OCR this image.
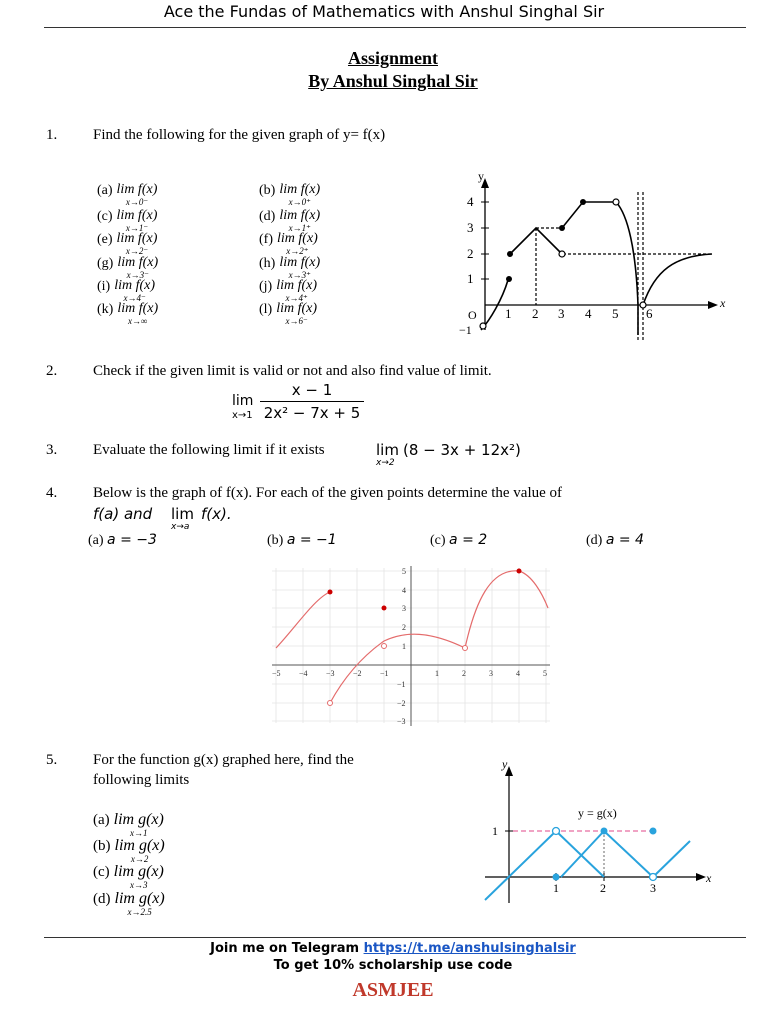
Ace the Fundas of Mathematics with Anshul Singhal Sir
Assignment
By Anshul Singhal Sir
1. Find the following for the given graph of y= f(x)
(a) lim f(x)
x→0⁻
(b) lim f(x)
x→0⁺
(c) lim f(x)
x→1⁻
(d) lim f(x)
x→1⁺
(e) lim f(x)
x→2⁻
(f) lim f(x)
x→2⁺
(g) lim f(x)
x→3⁻
(h) lim f(x)
x→3⁺
(i) lim f(x)
x→4⁻
(j) lim f(x)
x→4⁺
(k) lim f(x)
x→∞
(l) lim f(x)
x→6⁻
y
x
O
−1
1
2
3
4
1 2 3 4 5 6
2. Check if the given limit is valid or not and also find value of limit.
lim
x→1
x − 1
2x² − 7x + 5
3. Evaluate the following limit if it exists	lim
x→2
(8 − 3x + 12x²)
4. Below is the graph of f(x). For each of the given points determine the value of
f(a) and lim
x→a
f(x).
(a) a = −3	(b) a = −1	(c) a = 2	(d) a = 4
−5 −4 −3 −2 −1	1	2	3	4	5
5
4
3
2
1
−1
−2
−3
5. For the function g(x) graphed here, find the
following limits
(a) lim g(x)
x→1
(b) lim g(x)
x→2
(c) lim g(x)
x→3
(d) lim g(x)
x→2.5
y
x
y = g(x)
1
1	2	3
Join me on Telegram https://t.me/anshulsinghalsir
To get 10% scholarship use code
ASMJEE
